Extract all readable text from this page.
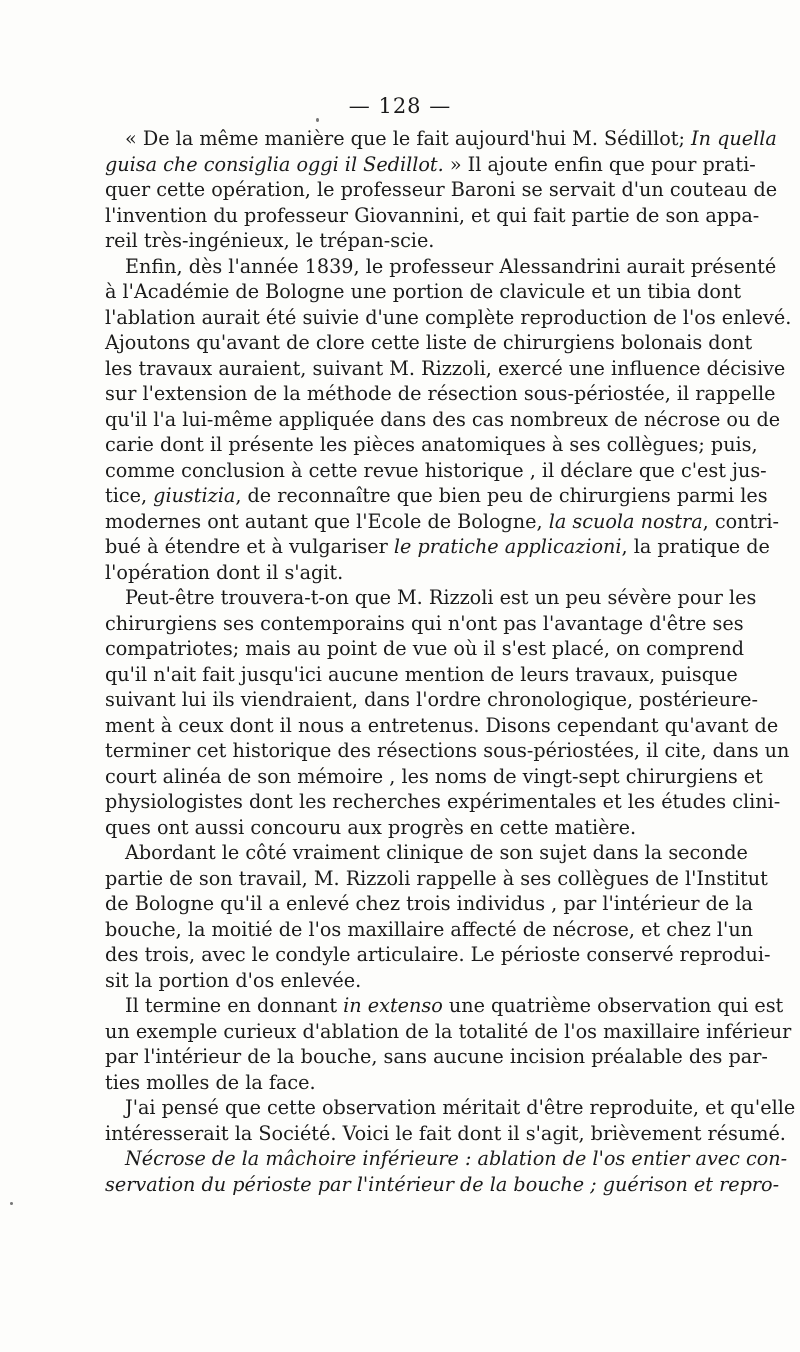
— 128 —
« De la même manière que le fait aujourd'hui M. Sédillot; In quella
guisa che consiglia oggi il Sedillot. » Il ajoute enfin que pour prati-
quer cette opération, le professeur Baroni se servait d'un couteau de
l'invention du professeur Giovannini, et qui fait partie de son appa-
reil très-ingénieux, le trépan-scie.
Enfin, dès l'année 1839, le professeur Alessandrini aurait présenté
à l'Académie de Bologne une portion de clavicule et un tibia dont
l'ablation aurait été suivie d'une complète reproduction de l'os enlevé.
Ajoutons qu'avant de clore cette liste de chirurgiens bolonais dont
les travaux auraient, suivant M. Rizzoli, exercé une influence décisive
sur l'extension de la méthode de résection sous-périostée, il rappelle
qu'il l'a lui-même appliquée dans des cas nombreux de nécrose ou de
carie dont il présente les pièces anatomiques à ses collègues; puis,
comme conclusion à cette revue historique , il déclare que c'est jus-
tice, giustizia, de reconnaître que bien peu de chirurgiens parmi les
modernes ont autant que l'Ecole de Bologne, la scuola nostra, contri-
bué à étendre et à vulgariser le pratiche applicazioni, la pratique de
l'opération dont il s'agit.
Peut-être trouvera-t-on que M. Rizzoli est un peu sévère pour les
chirurgiens ses contemporains qui n'ont pas l'avantage d'être ses
compatriotes; mais au point de vue où il s'est placé, on comprend
qu'il n'ait fait jusqu'ici aucune mention de leurs travaux, puisque
suivant lui ils viendraient, dans l'ordre chronologique, postérieure-
ment à ceux dont il nous a entretenus. Disons cependant qu'avant de
terminer cet historique des résections sous-périostées, il cite, dans un
court alinéa de son mémoire , les noms de vingt-sept chirurgiens et
physiologistes dont les recherches expérimentales et les études clini-
ques ont aussi concouru aux progrès en cette matière.
Abordant le côté vraiment clinique de son sujet dans la seconde
partie de son travail, M. Rizzoli rappelle à ses collègues de l'Institut
de Bologne qu'il a enlevé chez trois individus , par l'intérieur de la
bouche, la moitié de l'os maxillaire affecté de nécrose, et chez l'un
des trois, avec le condyle articulaire. Le périoste conservé reprodui-
sit la portion d'os enlevée.
Il termine en donnant in extenso une quatrième observation qui est
un exemple curieux d'ablation de la totalité de l'os maxillaire inférieur
par l'intérieur de la bouche, sans aucune incision préalable des par-
ties molles de la face.
J'ai pensé que cette observation méritait d'être reproduite, et qu'elle
intéresserait la Société. Voici le fait dont il s'agit, brièvement résumé.
Nécrose de la mâchoire inférieure : ablation de l'os entier avec con-
servation du périoste par l'intérieur de la bouche ; guérison et repro-
